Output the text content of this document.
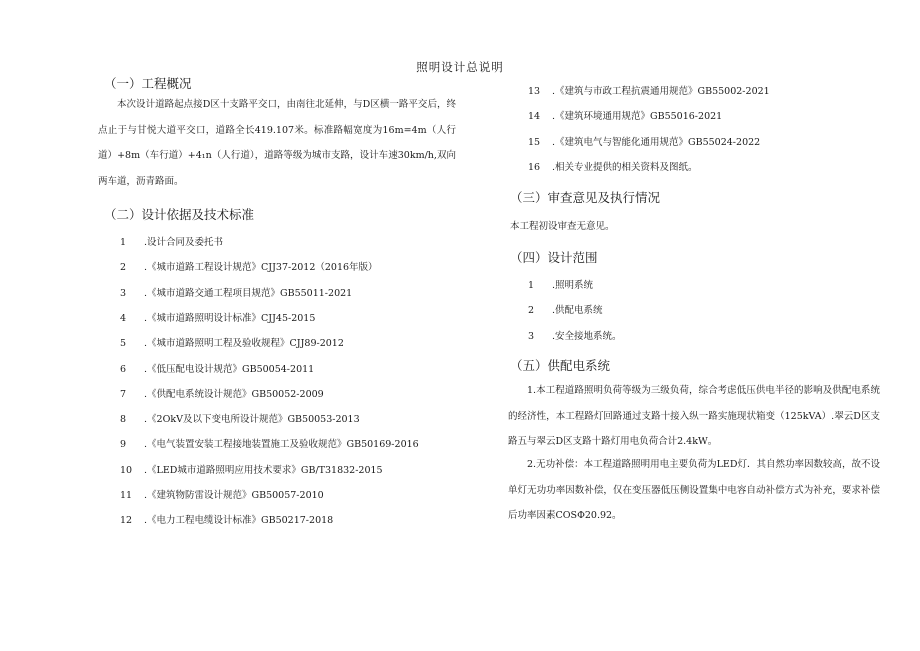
照明设计总说明
（一）工程概况
本次设计道路起点接D区十支路平交口，由南往北延伸，与D区横一路平交后，终点止于与甘悦大道平交口，道路全长419.107米。标准路幅宽度为16m=4m（人行道）+8m（车行道）+4₁n（人行道），道路等级为城市支路，设计车速30km/h,双向两车道，沥青路面。
（二）设计依据及技术标准
1 .设计合同及委托书
2 .《城市道路工程设计规范》CJJ37-2012（2016年版）
3 .《城市道路交通工程项目规范》GB55011-2021
4 .《城市道路照明设计标准》CJJ45-2015
5 .《城市道路照明工程及验收规程》CJJ89-2012
6 .《低压配电设计规范》GB50054-2011
7 .《供配电系统设计规范》GB50052-2009
8 .《2OkV及以下变电所设计规范》GB50053-2013
9 .《电气装置安装工程接地装置施工及验收规范》GB50169-2016
10 .《LED城市道路照明应用技术要求》GB/T31832-2015
11 .《建筑物防雷设计规范》GB50057-2010
12 .《电力工程电缆设计标准》GB50217-2018
13 .《建筑与市政工程抗震通用规范》GB55002-2021
14 .《建筑环境通用规范》GB55016-2021
15 .《建筑电气与智能化通用规范》GB55024-2022
16 .相关专业提供的相关资料及图纸。
（三）审查意见及执行情况
本工程初设审查无意见。
（四）设计范围
1 .照明系统
2 .供配电系统
3 .安全接地系统。
（五）供配电系统
1.本工程道路照明负荷等级为三级负荷，综合考虑低压供电半径的影响及供配电系统的经济性，本工程路灯回路通过支路十接入纵一路实施现状箱变（125kVA）.翠云D区支路五与翠云D区支路十路灯用电负荷合计2.4kW。
2.无功补偿：本工程道路照明用电主要负荷为LED灯．其自然功率因数较高，故不设单灯无功功率因数补偿，仅在变压器低压侧设置集中电容自动补偿方式为补充，要求补偿后功率因素COSΦ20.92。
